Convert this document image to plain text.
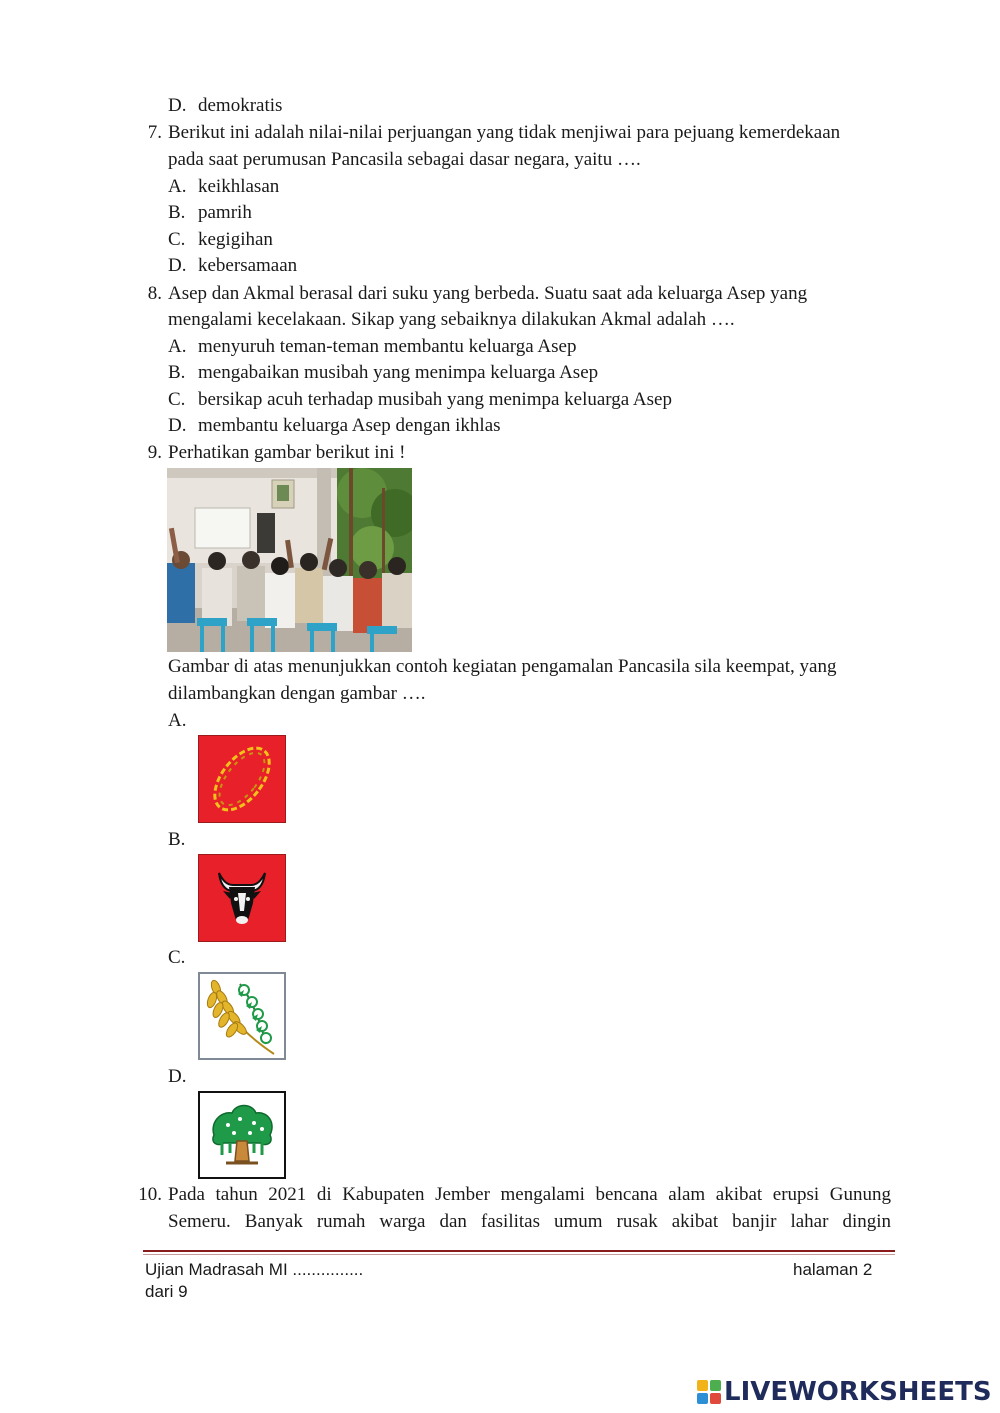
D. demokratis
7. Berikut ini adalah nilai-nilai perjuangan yang tidak menjiwai para pejuang kemerdekaan
pada saat perumusan Pancasila sebagai dasar negara, yaitu ….
A. keikhlasan
B. pamrih
C. kegigihan
D. kebersamaan
8. Asep dan Akmal berasal dari suku yang berbeda. Suatu saat ada keluarga Asep yang
mengalami kecelakaan. Sikap yang sebaiknya dilakukan Akmal adalah ….
A. menyuruh teman-teman membantu keluarga Asep
B. mengabaikan musibah yang menimpa keluarga Asep
C. bersikap acuh terhadap musibah yang menimpa keluarga Asep
D. membantu keluarga Asep dengan ikhlas
9. Perhatikan gambar berikut ini !
Gambar di atas menunjukkan contoh kegiatan pengamalan Pancasila sila keempat, yang
dilambangkan dengan gambar ….
A.
B.
C.
D.
10. Pada tahun 2021 di Kabupaten Jember mengalami bencana alam akibat erupsi Gunung
Semeru. Banyak rumah warga dan fasilitas umum rusak akibat banjir lahar dingin
Ujian Madrasah MI ...............	halaman 2
dari 9
LIVEWORKSHEETS
